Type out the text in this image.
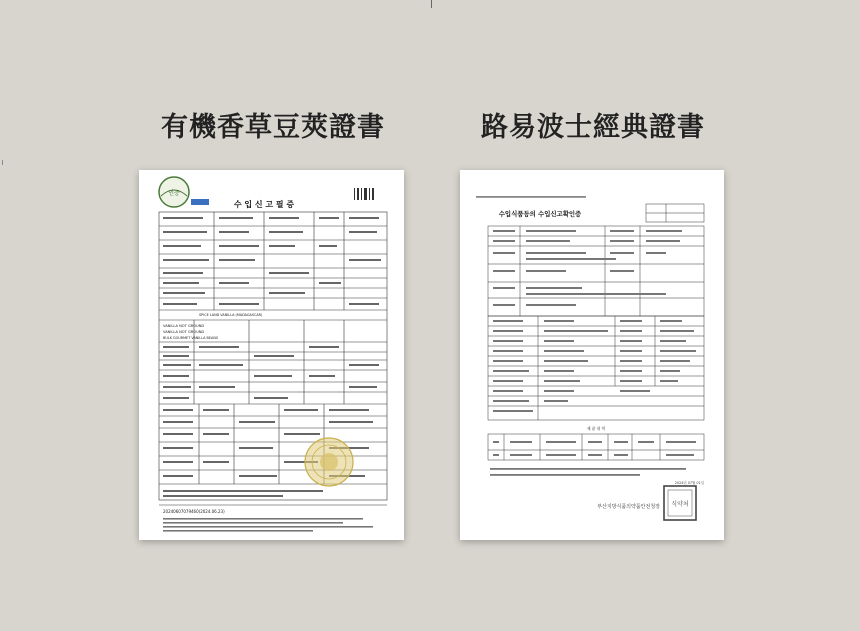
有機香草豆莢證書	路易波士經典證書
인증
수 입 신 고 필 증
VANILLA NOT GROUND
VANILLA NOT GROUND
SPICE LAND VANILLA (MADAGASCAR)
BULK GOURMET VANILLA BEANS
20240607079460(2024.06.23)
수입식품등의 수입신고확인증
제 품 내 역
2024년 07월 01일
부산지방식품의약품안전청장 식약처
